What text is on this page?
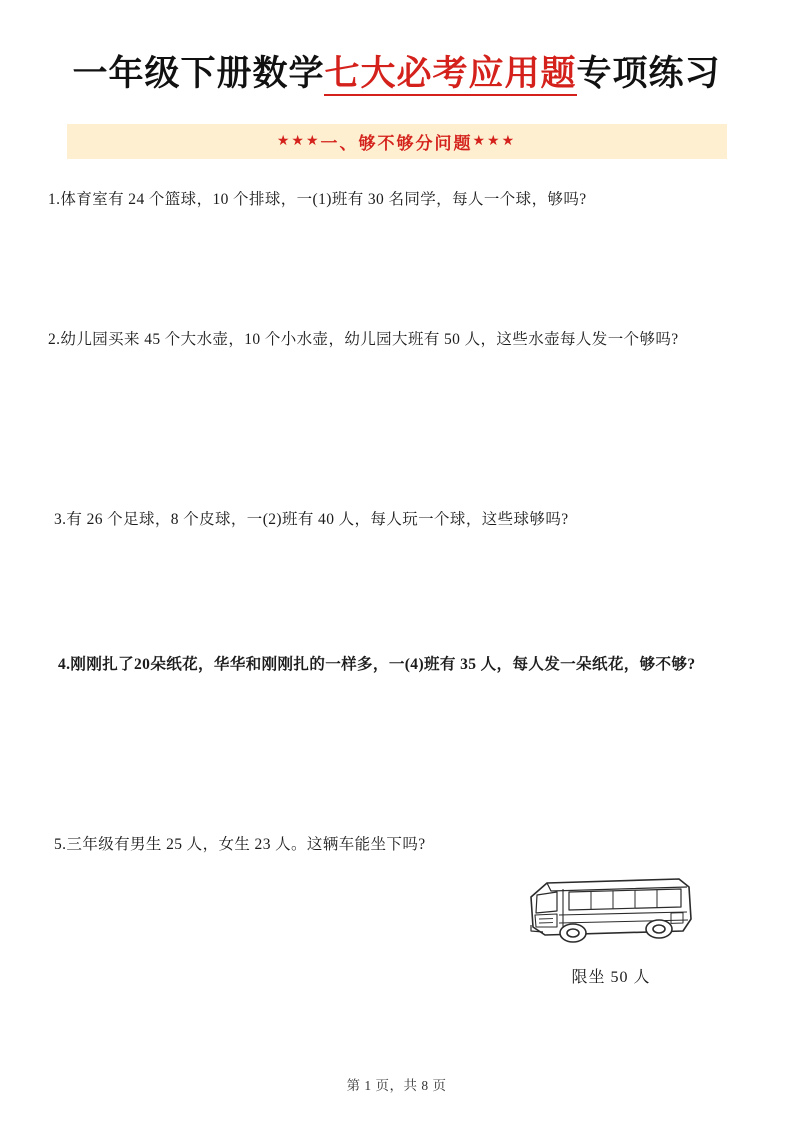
一年级下册数学七大必考应用题专项练习
★★★ 一、够不够分问题 ★★★
1.体育室有 24 个篮球，10 个排球，一(1)班有 30 名同学，每人一个球，够吗?
2.幼儿园买来 45 个大水壶，10 个小水壶，幼儿园大班有 50 人，这些水壶每人发一个够吗?
3.有 26 个足球，8 个皮球，一(2)班有 40 人，每人玩一个球，这些球够吗?
4.刚刚扎了20朵纸花，华华和刚刚扎的一样多，一(4)班有 35 人，每人发一朵纸花，够不够?
5.三年级有男生 25 人，女生 23 人。这辆车能坐下吗?
限坐 50 人
第 1 页，共 8 页
